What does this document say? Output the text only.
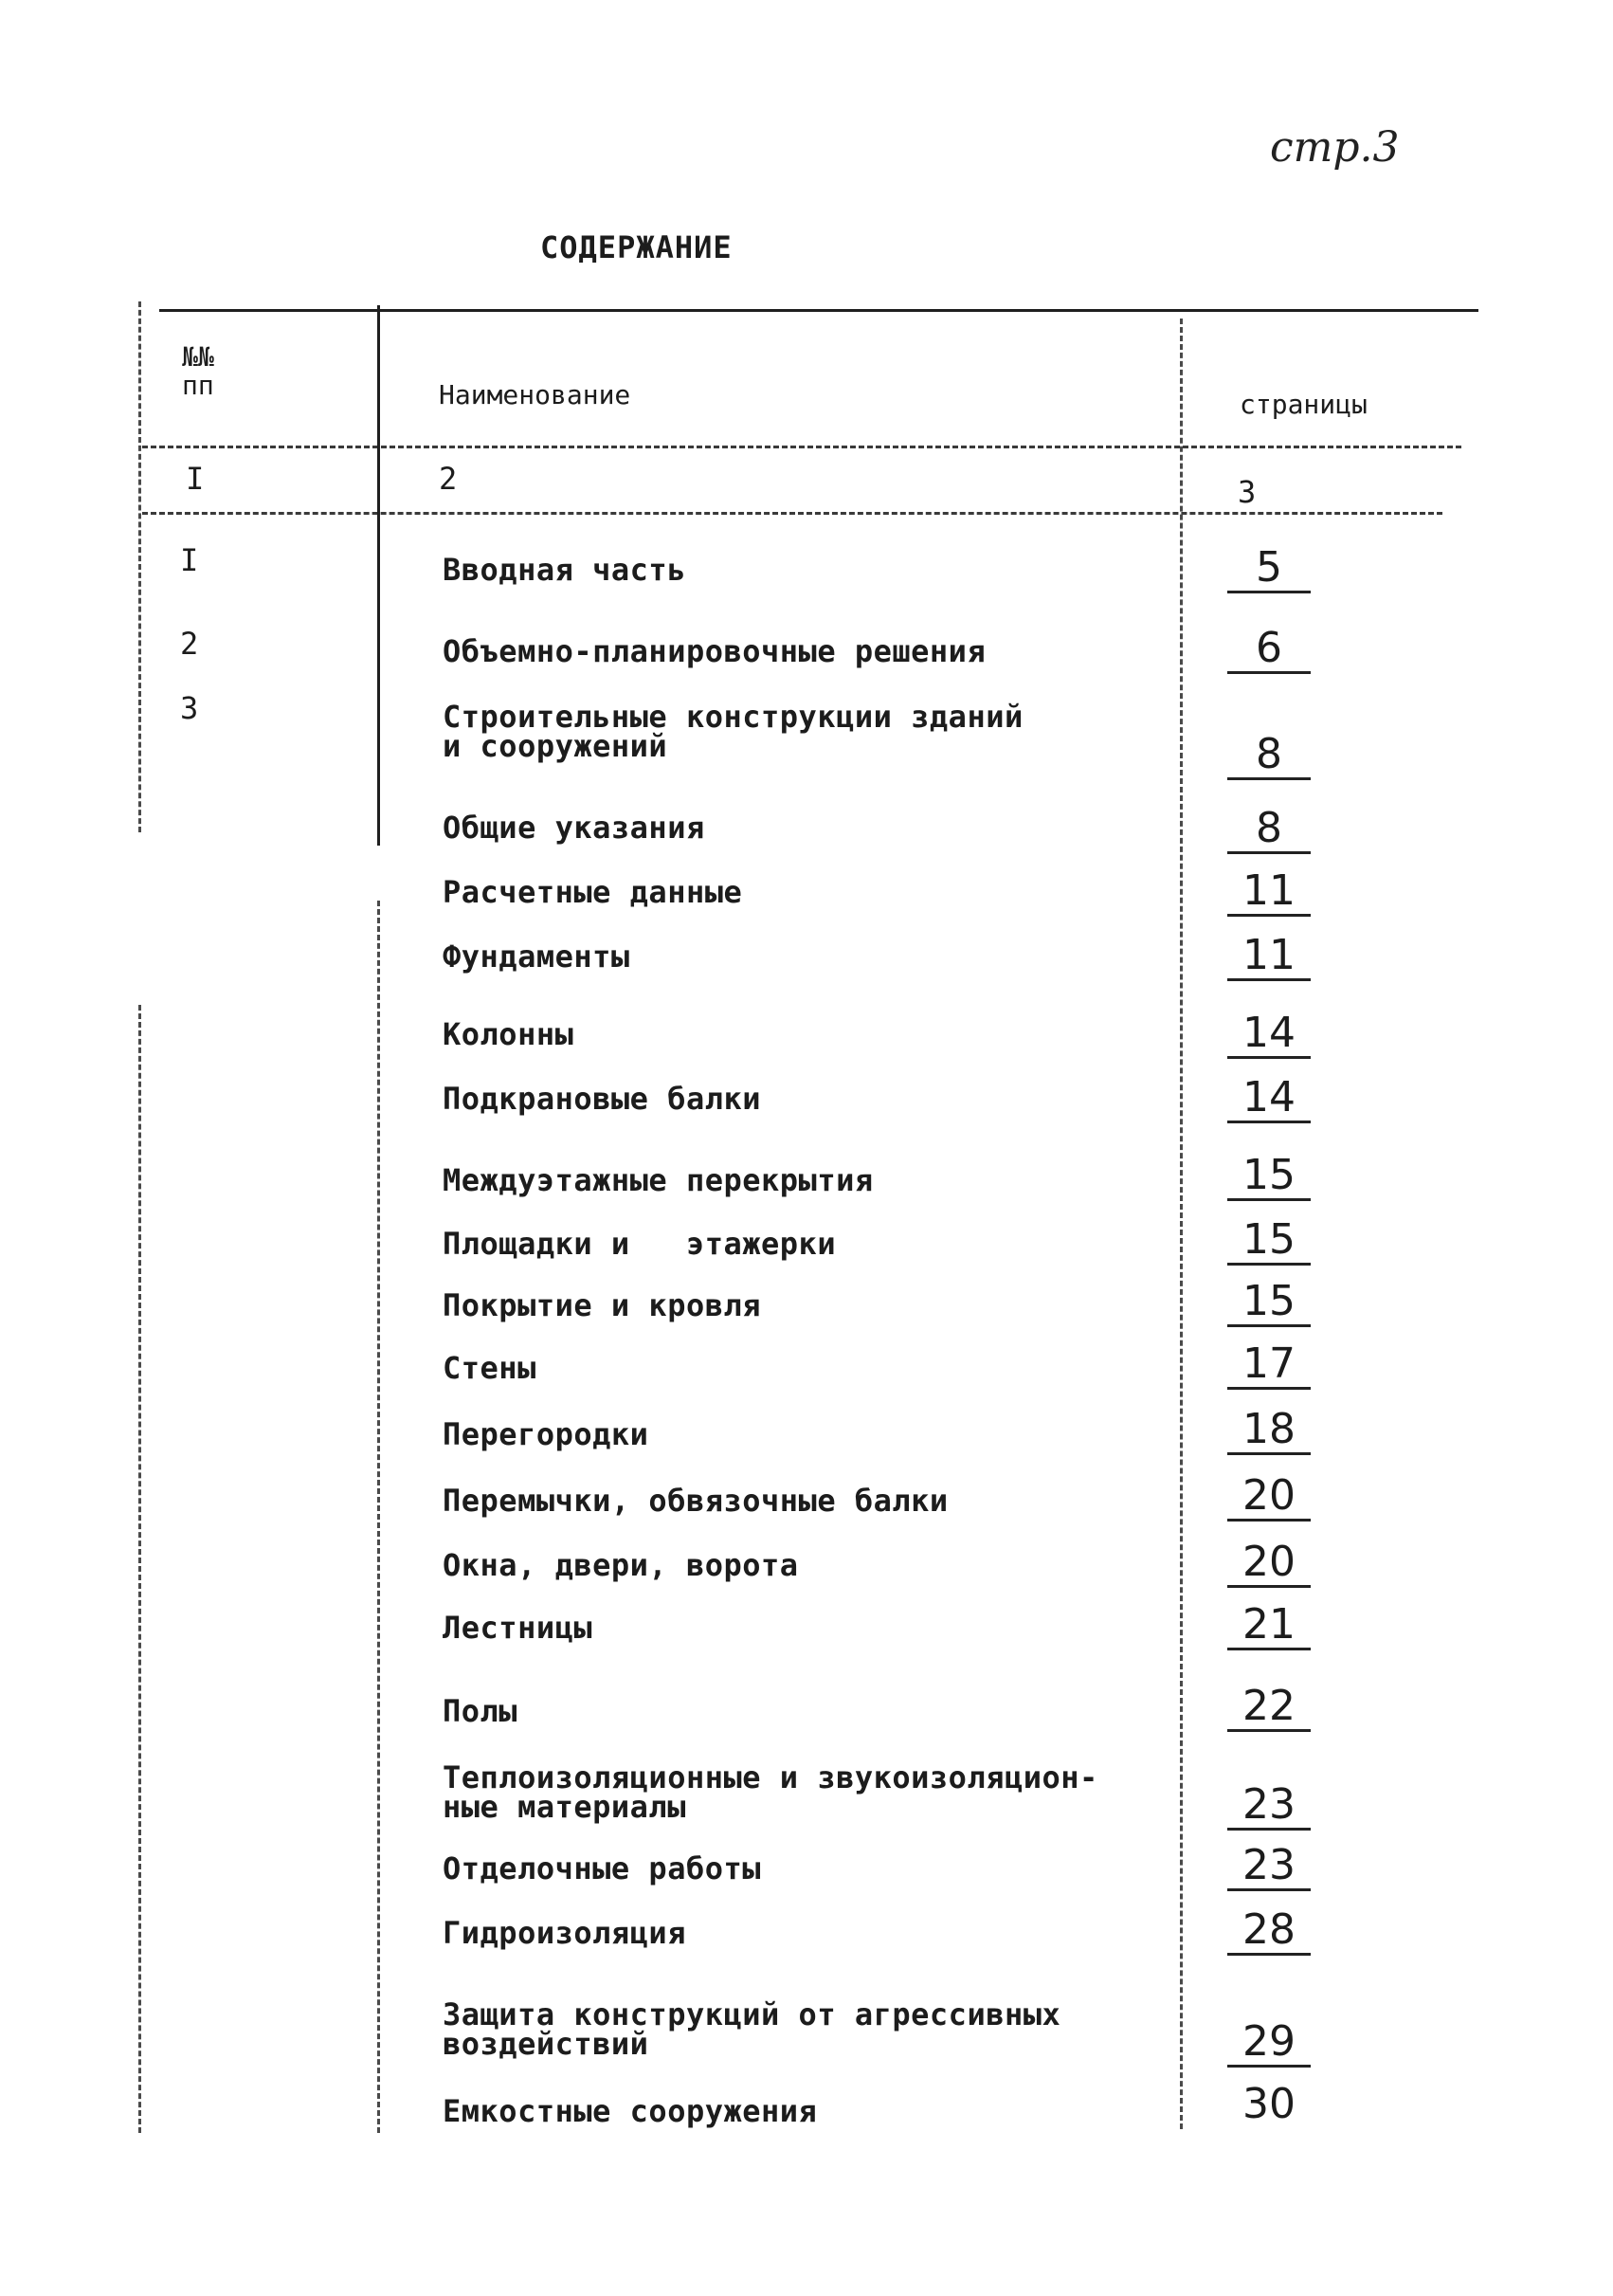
стр.3
СОДЕРЖАНИЕ
№№
пп	Наименование	страницы
I	2	3
I	Вводная часть	5
2	Объемно-планировочные решения	6
3	Строительные конструкции зданий
и сооружений	8
Общие указания	8
Расчетные данные	11
Фундаменты	11
Колонны	14
Подкрановые балки	14
Междуэтажные перекрытия	15
Площадки и   этажерки	15
Покрытие и кровля	15
Стены	17
Перегородки	18
Перемычки, обвязочные балки	20
Окна, двери, ворота	20
Лестницы	21
Полы	22
Теплоизоляционные и звукоизоляцион-
ные материалы	23
Отделочные работы	23
Гидроизоляция	28
Защита конструкций от агрессивных
воздействий	29
Емкостные сооружения	30
